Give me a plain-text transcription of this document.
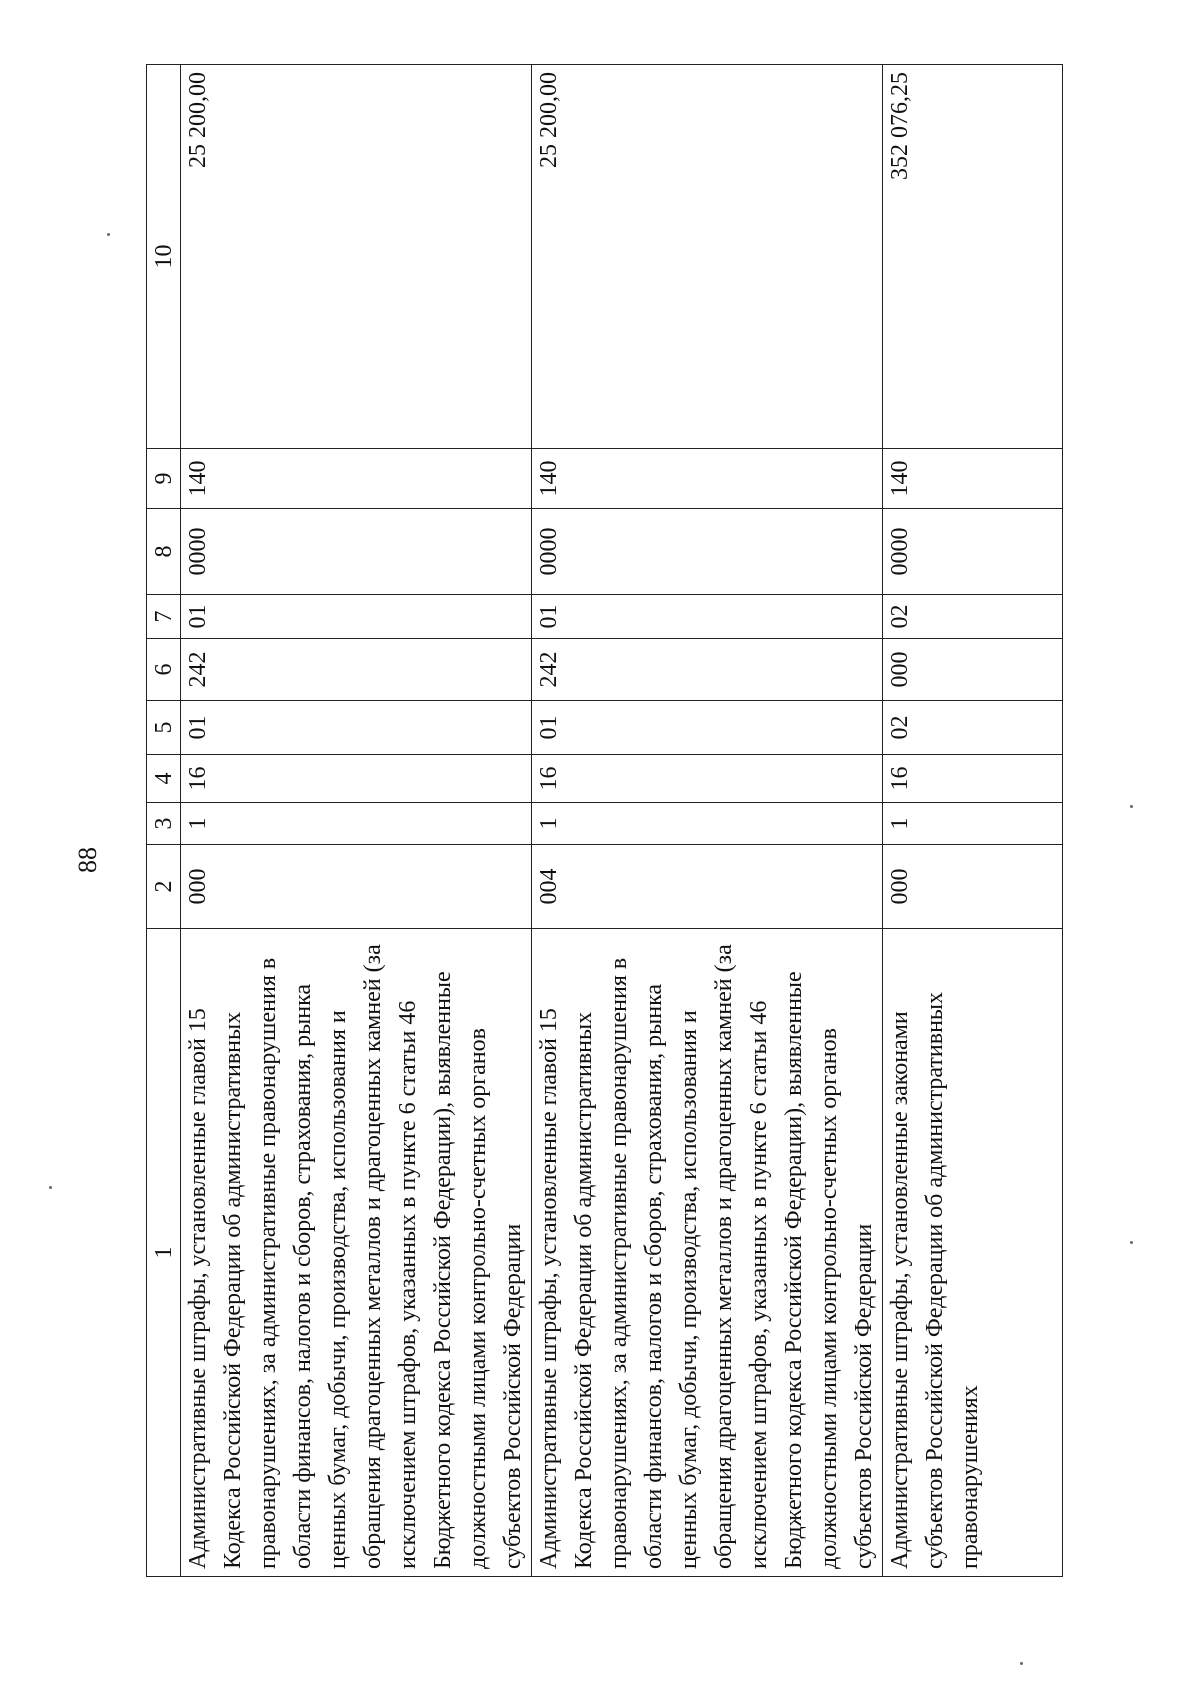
88
1	2	3	4	5	6	7	8	9	10
Административные штрафы, установленные главой 15 Кодекса Российской Федерации об административных правонарушениях, за административные правонарушения в области финансов, налогов и сборов, страхования, рынка ценных бумаг, добычи, производства, использования и обращения драгоценных металлов и драгоценных камней (за исключением штрафов, указанных в пункте 6 статьи 46 Бюджетного кодекса Российской Федерации), выявленные должностными лицами контрольно-счетных органов субъектов Российской Федерации	000	1	16	01	242	01	0000	140	25 200,00
Административные штрафы, установленные главой 15 Кодекса Российской Федерации об административных правонарушениях, за административные правонарушения в области финансов, налогов и сборов, страхования, рынка ценных бумаг, добычи, производства, использования и обращения драгоценных металлов и драгоценных камней (за исключением штрафов, указанных в пункте 6 статьи 46 Бюджетного кодекса Российской Федерации), выявленные должностными лицами контрольно-счетных органов субъектов Российской Федерации	004	1	16	01	242	01	0000	140	25 200,00
Административные штрафы, установленные законами субъектов Российской Федерации об административных правонарушениях	000	1	16	02	000	02	0000	140	352 076,25
